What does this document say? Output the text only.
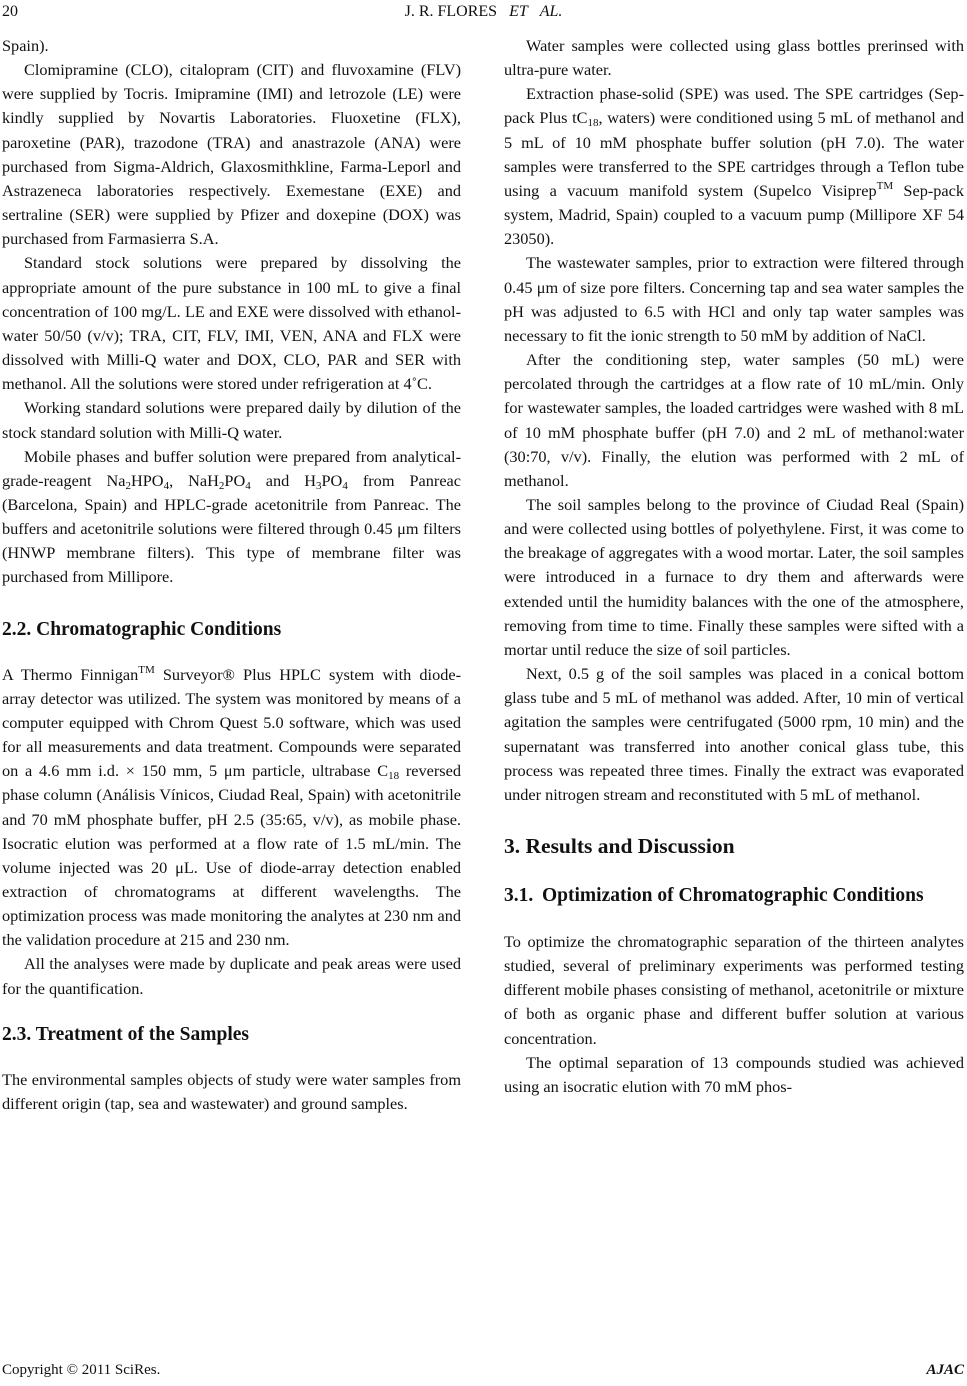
20	J. R. FLORES ET AL.

Spain).

Clomipramine (CLO), citalopram (CIT) and fluvoxamine (FLV) were supplied by Tocris. Imipramine (IMI) and letrozole (LE) were kindly supplied by Novartis Laboratories. Fluoxetine (FLX), paroxetine (PAR), trazodone (TRA) and anastrazole (ANA) were purchased from Sigma-Aldrich, Glaxosmithkline, Farma-Leporl and Astrazeneca laboratories respectively. Exemestane (EXE) and sertraline (SER) were supplied by Pfizer and doxepine (DOX) was purchased from Farmasierra S.A.

Standard stock solutions were prepared by dissolving the appropriate amount of the pure substance in 100 mL to give a final concentration of 100 mg/L. LE and EXE were dissolved with ethanol-water 50/50 (v/v); TRA, CIT, FLV, IMI, VEN, ANA and FLX were dissolved with Milli-Q water and DOX, CLO, PAR and SER with methanol. All the solutions were stored under refrigeration at 4˚C.

Working standard solutions were prepared daily by dilution of the stock standard solution with Milli-Q water.

Mobile phases and buffer solution were prepared from analytical-grade-reagent $Na_2HPO_4$, $NaH_2PO_4$ and $H_3PO_4$ from Panreac (Barcelona, Spain) and HPLC-grade acetonitrile from Panreac. The buffers and acetonitrile solutions were filtered through 0.45 μm filters (HNWP membrane filters). This type of membrane filter was purchased from Millipore.

2.2. Chromatographic Conditions

A Thermo Finnigan™ Surveyor® Plus HPLC system with diode-array detector was utilized. The system was monitored by means of a computer equipped with Chrom Quest 5.0 software, which was used for all measurements and data treatment. Compounds were separated on a 4.6 mm i.d. × 150 mm, 5 μm particle, ultrabase $C_{18}$ reversed phase column (Análisis Vínicos, Ciudad Real, Spain) with acetonitrile and 70 mM phosphate buffer, pH 2.5 (35:65, v/v), as mobile phase. Isocratic elution was performed at a flow rate of 1.5 mL/min. The volume injected was 20 μL. Use of diode-array detection enabled extraction of chromatograms at different wavelengths. The optimization process was made monitoring the analytes at 230 nm and the validation procedure at 215 and 230 nm.

All the analyses were made by duplicate and peak areas were used for the quantification.

2.3. Treatment of the Samples

The environmental samples objects of study were water samples from different origin (tap, sea and wastewater) and ground samples.

Water samples were collected using glass bottles prerinsed with ultra-pure water.

Extraction phase-solid (SPE) was used. The SPE cartridges (Sep-pack Plus $tC_{18}$, waters) were conditioned using 5 mL of methanol and 5 mL of 10 mM phosphate buffer solution (pH 7.0). The water samples were transferred to the SPE cartridges through a Teflon tube using a vacuum manifold system (Supelco Visiprep™ Sep-pack system, Madrid, Spain) coupled to a vacuum pump (Millipore XF 54 23050).

The wastewater samples, prior to extraction were filtered through 0.45 μm of size pore filters. Concerning tap and sea water samples the pH was adjusted to 6.5 with HCl and only tap water samples was necessary to fit the ionic strength to 50 mM by addition of NaCl.

After the conditioning step, water samples (50 mL) were percolated through the cartridges at a flow rate of 10 mL/min. Only for wastewater samples, the loaded cartridges were washed with 8 mL of 10 mM phosphate buffer (pH 7.0) and 2 mL of methanol:water (30:70, v/v). Finally, the elution was performed with 2 mL of methanol.

The soil samples belong to the province of Ciudad Real (Spain) and were collected using bottles of polyethylene. First, it was come to the breakage of aggregates with a wood mortar. Later, the soil samples were introduced in a furnace to dry them and afterwards were extended until the humidity balances with the one of the atmosphere, removing from time to time. Finally these samples were sifted with a mortar until reduce the size of soil particles.

Next, 0.5 g of the soil samples was placed in a conical bottom glass tube and 5 mL of methanol was added. After, 10 min of vertical agitation the samples were centrifugated (5000 rpm, 10 min) and the supernatant was transferred into another conical glass tube, this process was repeated three times. Finally the extract was evaporated under nitrogen stream and reconstituted with 5 mL of methanol.

3. Results and Discussion
3.1. Optimization of Chromatographic Conditions

To optimize the chromatographic separation of the thirteen analytes studied, several of preliminary experiments was performed testing different mobile phases consisting of methanol, acetonitrile or mixture of both as organic phase and different buffer solution at various concentration.

The optimal separation of 13 compounds studied was achieved using an isocratic elution with 70 mM phos-

Copyright © 2011 SciRes.	AJAC
